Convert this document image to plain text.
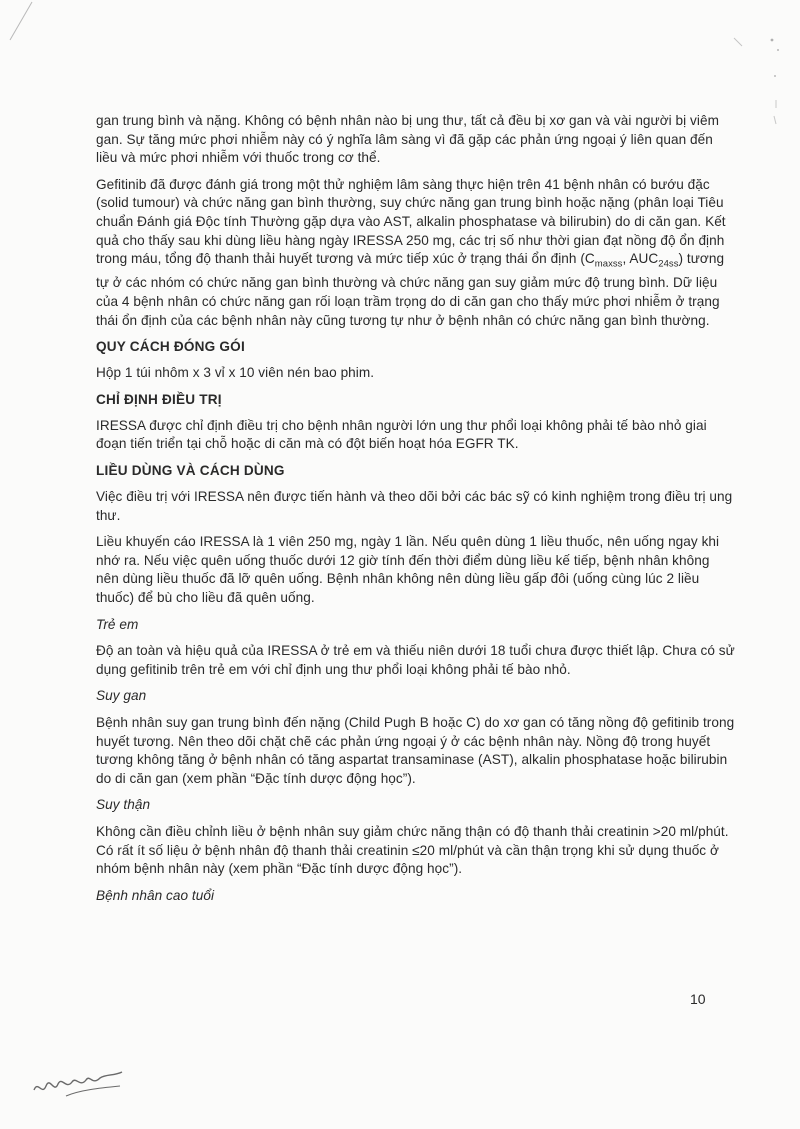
gan trung bình và nặng. Không có bệnh nhân nào bị ung thư, tất cả đều bị xơ gan và vài người bị viêm gan. Sự tăng mức phơi nhiễm này có ý nghĩa lâm sàng vì đã gặp các phản ứng ngoại ý liên quan đến liều và mức phơi nhiễm với thuốc trong cơ thể.

Gefitinib đã được đánh giá trong một thử nghiệm lâm sàng thực hiện trên 41 bệnh nhân có bướu đặc (solid tumour) và chức năng gan bình thường, suy chức năng gan trung bình hoặc nặng (phân loại Tiêu chuẩn Đánh giá Độc tính Thường gặp dựa vào AST, alkalin phosphatase và bilirubin) do di căn gan. Kết quả cho thấy sau khi dùng liều hàng ngày IRESSA 250 mg, các trị số như thời gian đạt nồng độ ổn định trong máu, tổng độ thanh thải huyết tương và mức tiếp xúc ở trạng thái ổn định ($C_{maxss}$, $AUC_{24ss}$) tương tự ở các nhóm có chức năng gan bình thường và chức năng gan suy giảm mức độ trung bình. Dữ liệu của 4 bệnh nhân có chức năng gan rối loạn trầm trọng do di căn gan cho thấy mức phơi nhiễm ở trạng thái ổn định của các bệnh nhân này cũng tương tự như ở bệnh nhân có chức năng gan bình thường.

QUY CÁCH ĐÓNG GÓI

Hộp 1 túi nhôm x 3 vỉ x 10 viên nén bao phim.

CHỈ ĐỊNH ĐIỀU TRỊ

IRESSA được chỉ định điều trị cho bệnh nhân người lớn ung thư phổi loại không phải tế bào nhỏ giai đoạn tiến triển tại chỗ hoặc di căn mà có đột biến hoạt hóa EGFR TK.

LIỀU DÙNG VÀ CÁCH DÙNG

Việc điều trị với IRESSA nên được tiến hành và theo dõi bởi các bác sỹ có kinh nghiệm trong điều trị ung thư.

Liều khuyến cáo IRESSA là 1 viên 250 mg, ngày 1 lần. Nếu quên dùng 1 liều thuốc, nên uống ngay khi nhớ ra. Nếu việc quên uống thuốc dưới 12 giờ tính đến thời điểm dùng liều kế tiếp, bệnh nhân không nên dùng liều thuốc đã lỡ quên uống. Bệnh nhân không nên dùng liều gấp đôi (uống cùng lúc 2 liều thuốc) để bù cho liều đã quên uống.

Trẻ em

Độ an toàn và hiệu quả của IRESSA ở trẻ em và thiếu niên dưới 18 tuổi chưa được thiết lập. Chưa có sử dụng gefitinib trên trẻ em với chỉ định ung thư phổi loại không phải tế bào nhỏ.

Suy gan

Bệnh nhân suy gan trung bình đến nặng (Child Pugh B hoặc C) do xơ gan có tăng nồng độ gefitinib trong huyết tương. Nên theo dõi chặt chẽ các phản ứng ngoại ý ở các bệnh nhân này. Nồng độ trong huyết tương không tăng ở bệnh nhân có tăng aspartat transaminase (AST), alkalin phosphatase hoặc bilirubin do di căn gan (xem phần “Đặc tính dược động học”).

Suy thận

Không cần điều chỉnh liều ở bệnh nhân suy giảm chức năng thận có độ thanh thải creatinin >20 ml/phút. Có rất ít số liệu ở bệnh nhân độ thanh thải creatinin ≤20 ml/phút và cần thận trọng khi sử dụng thuốc ở nhóm bệnh nhân này (xem phần “Đặc tính dược động học”).

Bệnh nhân cao tuổi

10
